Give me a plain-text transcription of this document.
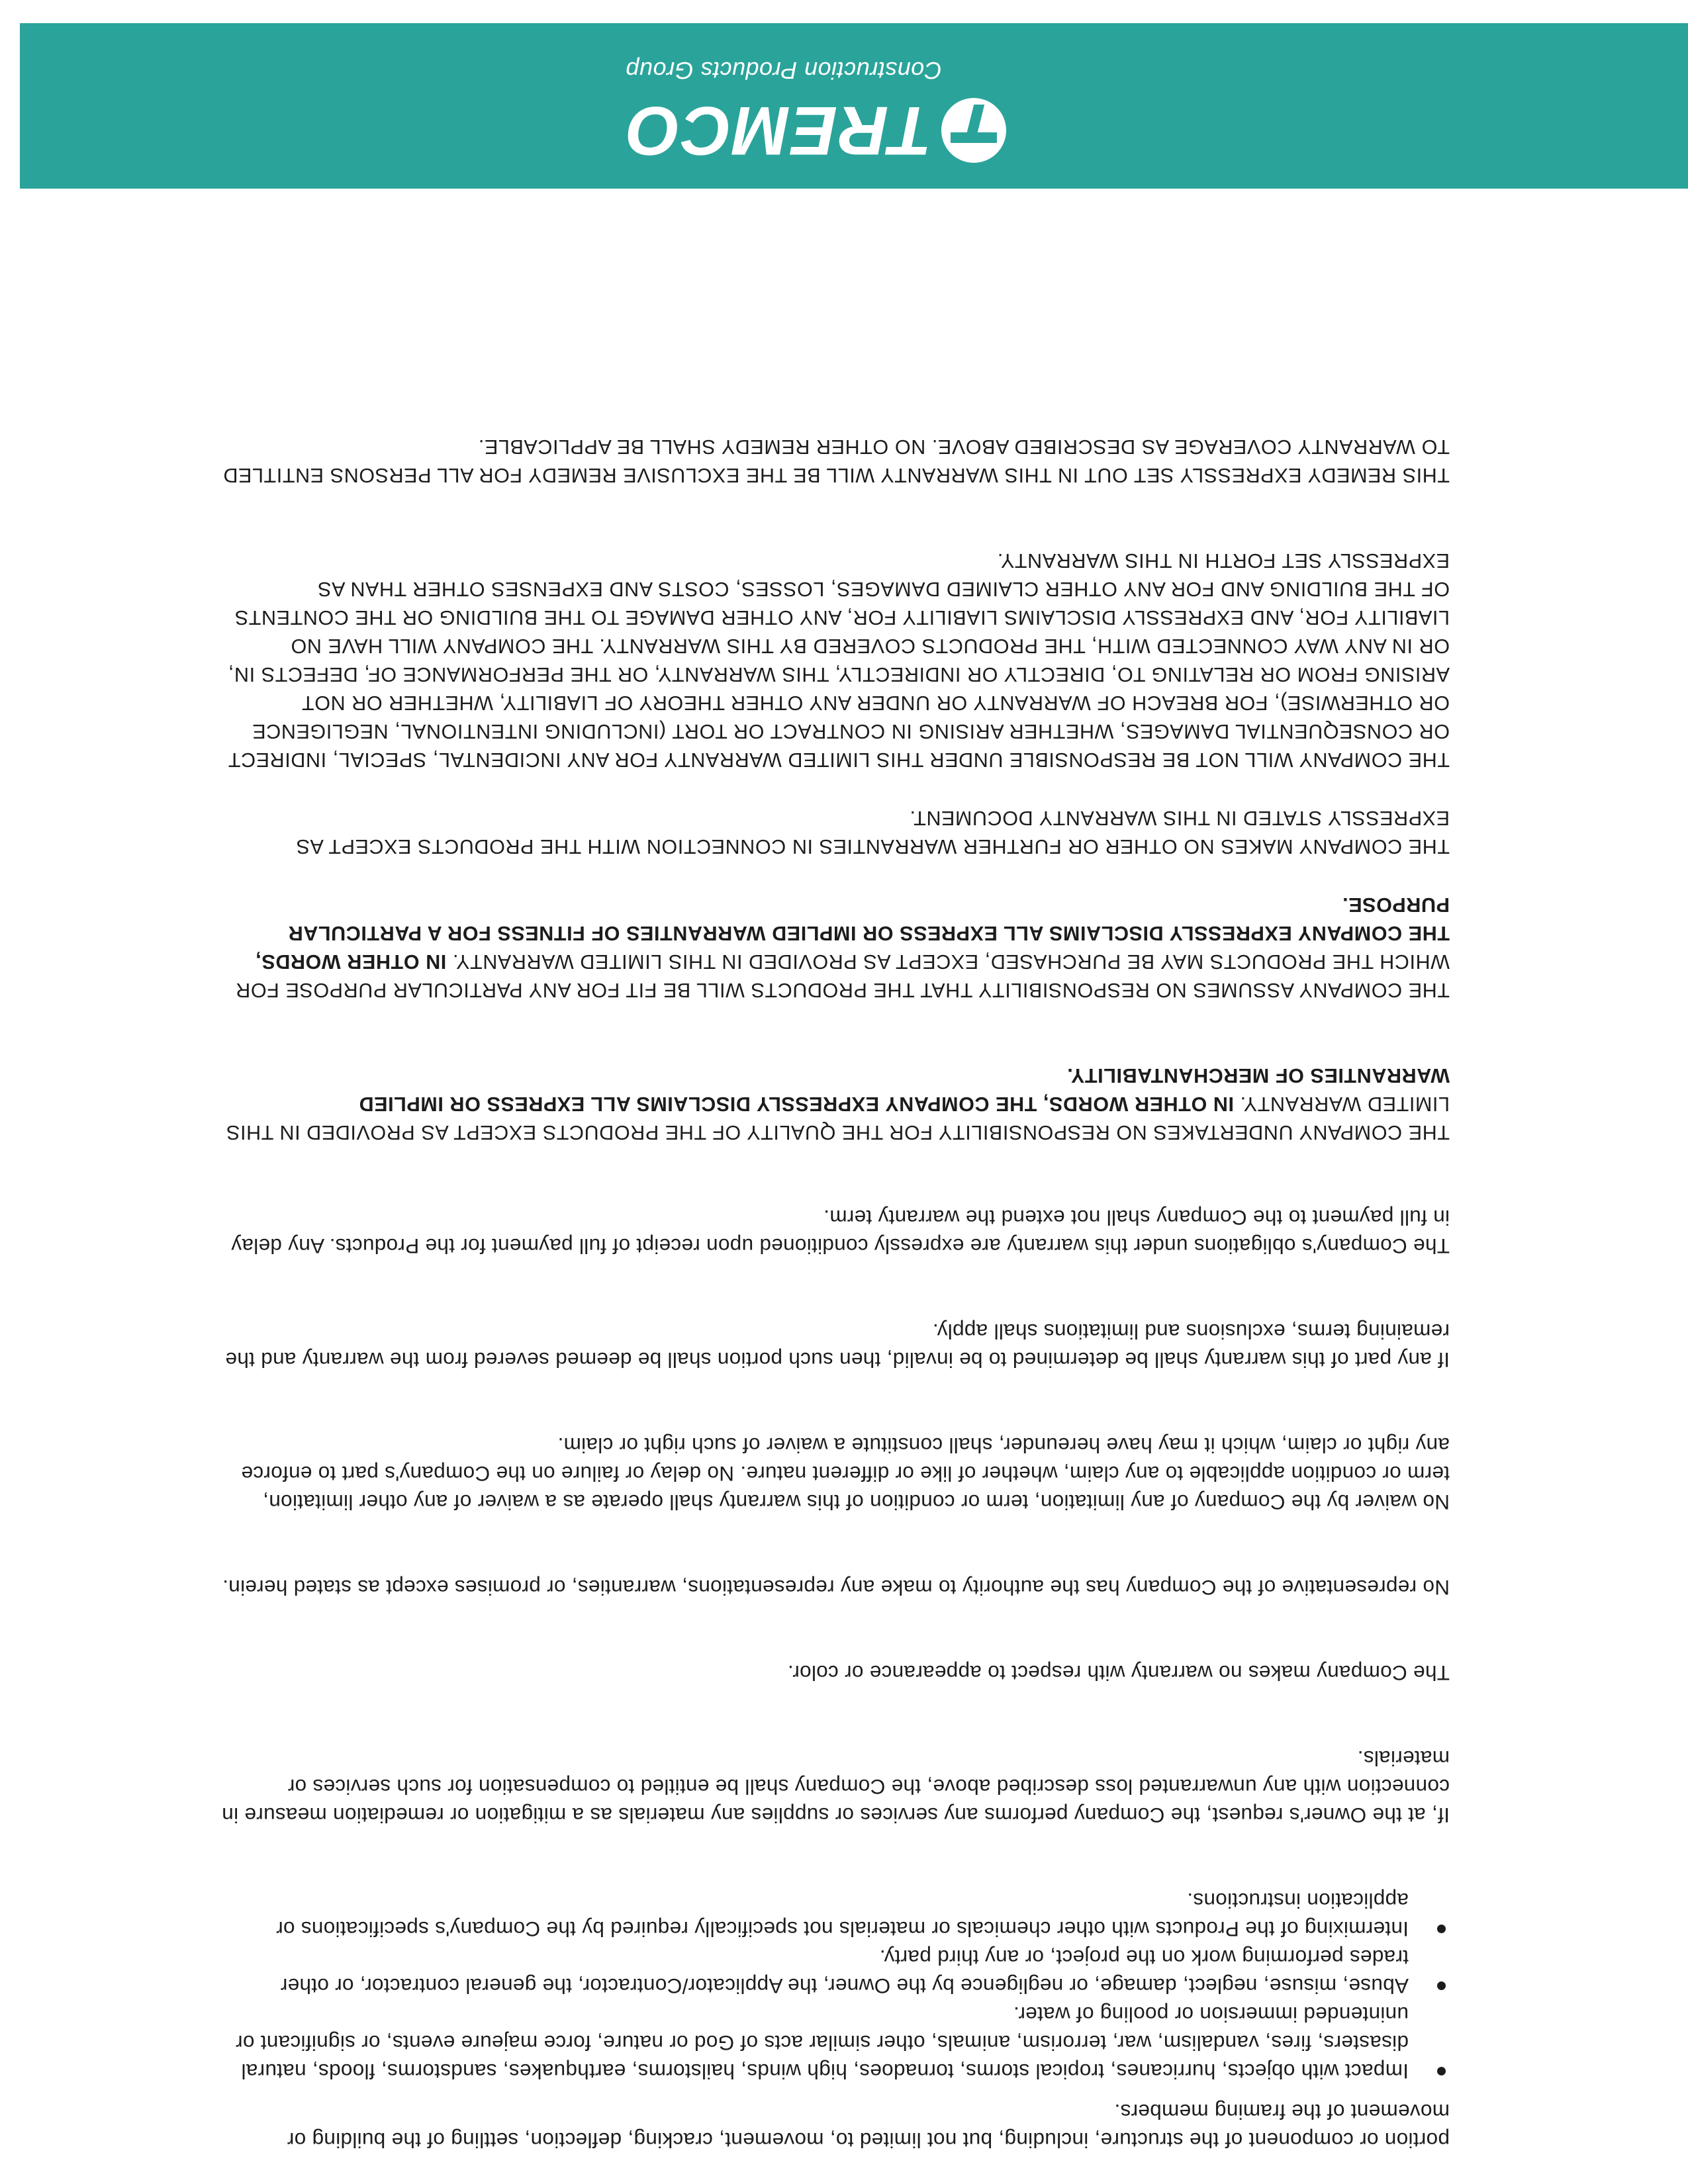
portion or component of the structure, including, but not limited to, movement, cracking, deflection, settling of the building or movement of the framing members.

Impact with objects, hurricanes, tropical storms, tornadoes, high winds, hailstorms, earthquakes, sandstorms, floods, natural disasters, fires, vandalism, war, terrorism, animals, other similar acts of God or nature, force majeure events, or significant or unintended immersion or pooling of water.
Abuse, misuse, neglect, damage, or negligence by the Owner, the Applicator/Contractor, the general contractor, or other trades performing work on the project, or any third party.
Intermixing of the Products with other chemicals or materials not specifically required by the Company's specifications or application instructions.

If, at the Owner's request, the Company performs any services or supplies any materials as a mitigation or remediation measure in connection with any unwarranted loss described above, the Company shall be entitled to compensation for such services or materials.

The Company makes no warranty with respect to appearance or color.

No representative of the Company has the authority to make any representations, warranties, or promises except as stated herein.

No waiver by the Company of any limitation, term or condition of this warranty shall operate as a waiver of any other limitation, term or condition applicable to any claim, whether of like or different nature. No delay or failure on the Company's part to enforce any right or claim, which it may have hereunder, shall constitute a waiver of such right or claim.

If any part of this warranty shall be determined to be invalid, then such portion shall be deemed severed from the warranty and the remaining terms, exclusions and limitations shall apply.

The Company's obligations under this warranty are expressly conditioned upon receipt of full payment for the Products. Any delay in full payment to the Company shall not extend the warranty term.

THE COMPANY UNDERTAKES NO RESPONSIBILITY FOR THE QUALITY OF THE PRODUCTS EXCEPT AS PROVIDED IN THIS LIMITED WARRANTY. IN OTHER WORDS, THE COMPANY EXPRESSLY DISCLAIMS ALL EXPRESS OR IMPLIED WARRANTIES OF MERCHANTABILITY.

THE COMPANY ASSUMES NO RESPONSIBILITY THAT THE PRODUCTS WILL BE FIT FOR ANY PARTICULAR PURPOSE FOR WHICH THE PRODUCTS MAY BE PURCHASED, EXCEPT AS PROVIDED IN THIS LIMITED WARRANTY. IN OTHER WORDS, THE COMPANY EXPRESSLY DISCLAIMS ALL EXPRESS OR IMPLIED WARRANTIES OF FITNESS FOR A PARTICULAR PURPOSE.

THE COMPANY MAKES NO OTHER OR FURTHER WARRANTIES IN CONNECTION WITH THE PRODUCTS EXCEPT AS EXPRESSLY STATED IN THIS WARRANTY DOCUMENT.

THE COMPANY WILL NOT BE RESPONSIBLE UNDER THIS LIMITED WARRANTY FOR ANY INCIDENTAL, SPECIAL, INDIRECT OR CONSEQUENTIAL DAMAGES, WHETHER ARISING IN CONTRACT OR TORT (INCLUDING INTENTIONAL, NEGLIGENCE OR OTHERWISE), FOR BREACH OF WARRANTY OR UNDER ANY OTHER THEORY OF LIABILITY, WHETHER OR NOT ARISING FROM OR RELATING TO, DIRECTLY OR INDIRECTLY, THIS WARRANTY, OR THE PERFORMANCE OF, DEFECTS IN, OR IN ANY WAY CONNECTED WITH, THE PRODUCTS COVERED BY THIS WARRANTY. THE COMPANY WILL HAVE NO LIABILITY FOR, AND EXPRESSLY DISCLAIMS LIABILITY FOR, ANY OTHER DAMAGE TO THE BUILDING OR THE CONTENTS OF THE BUILDING AND FOR ANY OTHER CLAIMED DAMAGES, LOSSES, COSTS AND EXPENSES OTHER THAN AS EXPRESSLY SET FORTH IN THIS WARRANTY.

THIS REMEDY EXPRESSLY SET OUT IN THIS WARRANTY WILL BE THE EXCLUSIVE REMEDY FOR ALL PERSONS ENTITLED TO WARRANTY COVERAGE AS DESCRIBED ABOVE. NO OTHER REMEDY SHALL BE APPLICABLE.

TREMCO
Construction Products Group
